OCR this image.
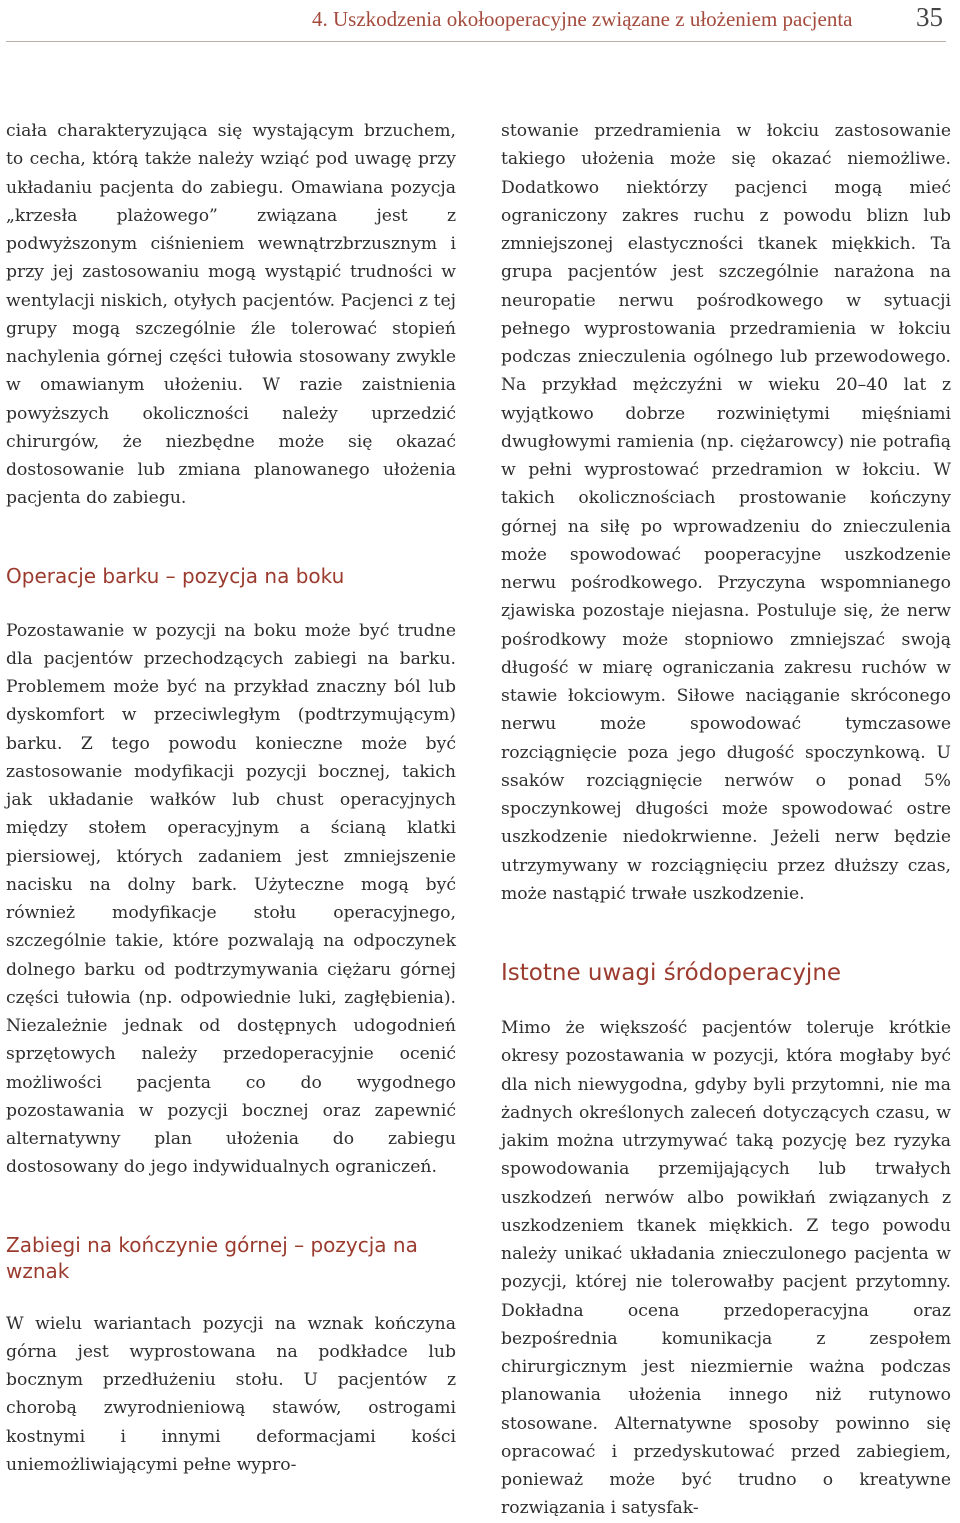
4. Uszkodzenia okołooperacyjne związane z ułożeniem pacjenta 35

ciała charakteryzująca się wystającym brzuchem, to cecha, którą także należy wziąć pod uwagę przy układaniu pacjenta do zabiegu. Omawiana pozycja „krzesła plażowego” związana jest z podwyższonym ciśnieniem wewnątrzbrzusznym i przy jej zastosowaniu mogą wystąpić trudności w wentylacji niskich, otyłych pacjentów. Pacjenci z tej grupy mogą szczególnie źle tolerować stopień nachylenia górnej części tułowia stosowany zwykle w omawianym ułożeniu. W razie zaistnienia powyższych okoliczności należy uprzedzić chirurgów, że niezbędne może się okazać dostosowanie lub zmiana planowanego ułożenia pacjenta do zabiegu.

Operacje barku – pozycja na boku

Pozostawanie w pozycji na boku może być trudne dla pacjentów przechodzących zabiegi na barku. Problemem może być na przykład znaczny ból lub dyskomfort w przeciwległym (podtrzymującym) barku. Z tego powodu konieczne może być zastosowanie modyfikacji pozycji bocznej, takich jak układanie wałków lub chust operacyjnych między stołem operacyjnym a ścianą klatki piersiowej, których zadaniem jest zmniejszenie nacisku na dolny bark. Użyteczne mogą być również modyfikacje stołu operacyjnego, szczególnie takie, które pozwalają na odpoczynek dolnego barku od podtrzymywania ciężaru górnej części tułowia (np. odpowiednie luki, zagłębienia). Niezależnie jednak od dostępnych udogodnień sprzętowych należy przedoperacyjnie ocenić możliwości pacjenta co do wygodnego pozostawania w pozycji bocznej oraz zapewnić alternatywny plan ułożenia do zabiegu dostosowany do jego indywidualnych ograniczeń.

Zabiegi na kończynie górnej – pozycja na wznak

W wielu wariantach pozycji na wznak kończyna górna jest wyprostowana na podkładce lub bocznym przedłużeniu stołu. U pacjentów z chorobą zwyrodnieniową stawów, ostrogami kostnymi i innymi deformacjami kości uniemożliwiającymi pełne wypro-

stowanie przedramienia w łokciu zastosowanie takiego ułożenia może się okazać niemożliwe. Dodatkowo niektórzy pacjenci mogą mieć ograniczony zakres ruchu z powodu blizn lub zmniejszonej elastyczności tkanek miękkich. Ta grupa pacjentów jest szczególnie narażona na neuropatie nerwu pośrodkowego w sytuacji pełnego wyprostowania przedramienia w łokciu podczas znieczulenia ogólnego lub przewodowego. Na przykład mężczyźni w wieku 20–40 lat z wyjątkowo dobrze rozwiniętymi mięśniami dwugłowymi ramienia (np. ciężarowcy) nie potrafią w pełni wyprostować przedramion w łokciu. W takich okolicznościach prostowanie kończyny górnej na siłę po wprowadzeniu do znieczulenia może spowodować pooperacyjne uszkodzenie nerwu pośrodkowego. Przyczyna wspomnianego zjawiska pozostaje niejasna. Postuluje się, że nerw pośrodkowy może stopniowo zmniejszać swoją długość w miarę ograniczania zakresu ruchów w stawie łokciowym. Siłowe naciąganie skróconego nerwu może spowodować tymczasowe rozciągnięcie poza jego długość spoczynkową. U ssaków rozciągnięcie nerwów o ponad 5% spoczynkowej długości może spowodować ostre uszkodzenie niedokrwienne. Jeżeli nerw będzie utrzymywany w rozciągnięciu przez dłuższy czas, może nastąpić trwałe uszkodzenie.

Istotne uwagi śródoperacyjne

Mimo że większość pacjentów toleruje krótkie okresy pozostawania w pozycji, która mogłaby być dla nich niewygodna, gdyby byli przytomni, nie ma żadnych określonych zaleceń dotyczących czasu, w jakim można utrzymywać taką pozycję bez ryzyka spowodowania przemijających lub trwałych uszkodzeń nerwów albo powikłań związanych z uszkodzeniem tkanek miękkich. Z tego powodu należy unikać układania znieczulonego pacjenta w pozycji, której nie tolerowałby pacjent przytomny. Dokładna ocena przedoperacyjna oraz bezpośrednia komunikacja z zespołem chirurgicznym jest niezmiernie ważna podczas planowania ułożenia innego niż rutynowo stosowane. Alternatywne sposoby powinno się opracować i przedyskutować przed zabiegiem, ponieważ może być trudno o kreatywne rozwiązania i satysfak-
